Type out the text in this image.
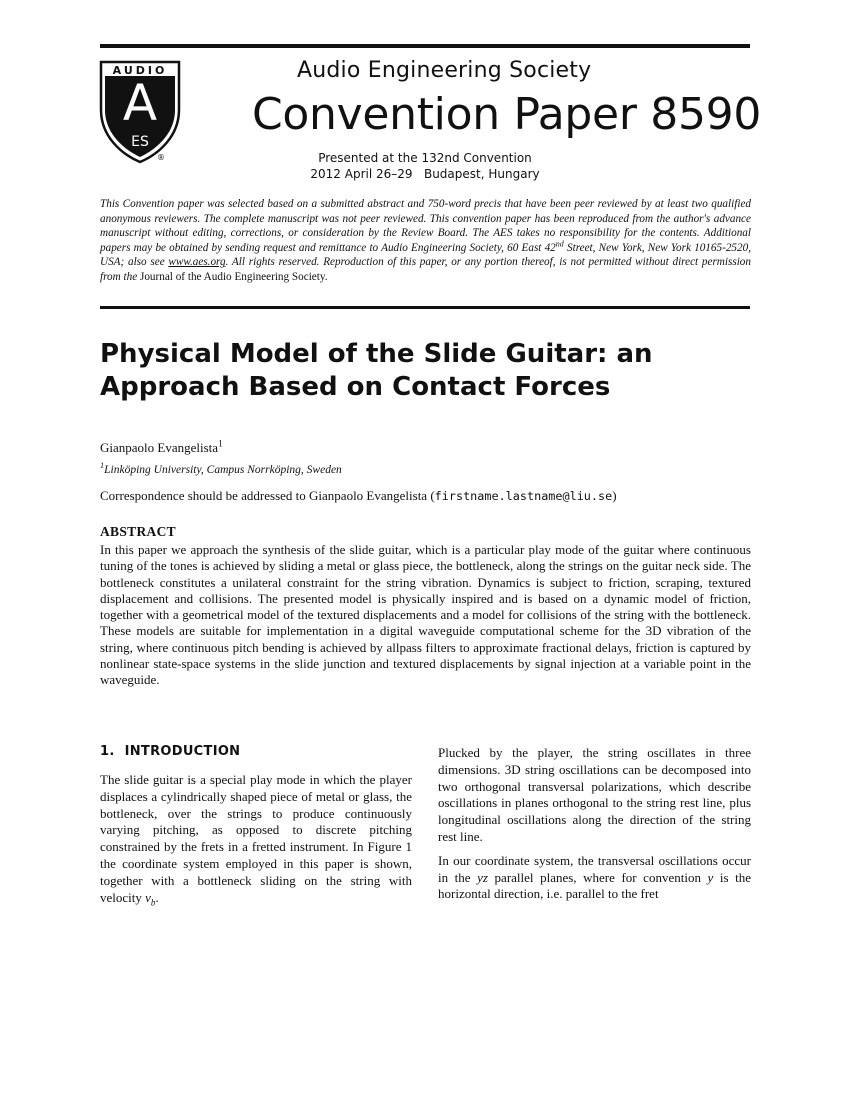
AUDIO
A
ES
®
Audio Engineering Society
Convention Paper 8590
Presented at the 132nd Convention
2012 April 26–29   Budapest, Hungary
This Convention paper was selected based on a submitted abstract and 750-word precis that have been peer reviewed by at least two qualified anonymous reviewers. The complete manuscript was not peer reviewed. This convention paper has been reproduced from the author's advance manuscript without editing, corrections, or consideration by the Review Board. The AES takes no responsibility for the contents. Additional papers may be obtained by sending request and remittance to Audio Engineering Society, 60 East 42nd Street, New York, New York 10165-2520, USA; also see www.aes.org. All rights reserved. Reproduction of this paper, or any portion thereof, is not permitted without direct permission from the Journal of the Audio Engineering Society.
Physical Model of the Slide Guitar: an Approach Based on Contact Forces
Gianpaolo Evangelista$^1$
$^1$Linköping University, Campus Norrköping, Sweden
Correspondence should be addressed to Gianpaolo Evangelista (firstname.lastname@liu.se)
ABSTRACT
In this paper we approach the synthesis of the slide guitar, which is a particular play mode of the guitar where continuous tuning of the tones is achieved by sliding a metal or glass piece, the bottleneck, along the strings on the guitar neck side. The bottleneck constitutes a unilateral constraint for the string vibration. Dynamics is subject to friction, scraping, textured displacement and collisions. The presented model is physically inspired and is based on a dynamic model of friction, together with a geometrical model of the textured displacements and a model for collisions of the string with the bottleneck. These models are suitable for implementation in a digital waveguide computational scheme for the 3D vibration of the string, where continuous pitch bending is achieved by allpass filters to approximate fractional delays, friction is captured by nonlinear state-space systems in the slide junction and textured displacements by signal injection at a variable point in the waveguide.
1. INTRODUCTION

The slide guitar is a special play mode in which the player displaces a cylindrically shaped piece of metal or glass, the bottleneck, over the strings to produce continuously varying pitching, as opposed to discrete pitching constrained by the frets in a fretted instrument. In Figure 1 the coordinate system employed in this paper is shown, together with a bottleneck sliding on the string with velocity $v_b$.

Plucked by the player, the string oscillates in three dimensions. 3D string oscillations can be decomposed into two orthogonal transversal polarizations, which describe oscillations in planes orthogonal to the string rest line, plus longitudinal oscillations along the direction of the string rest line.

In our coordinate system, the transversal oscillations occur in the yz parallel planes, where for convention y is the horizontal direction, i.e. parallel to the fret
